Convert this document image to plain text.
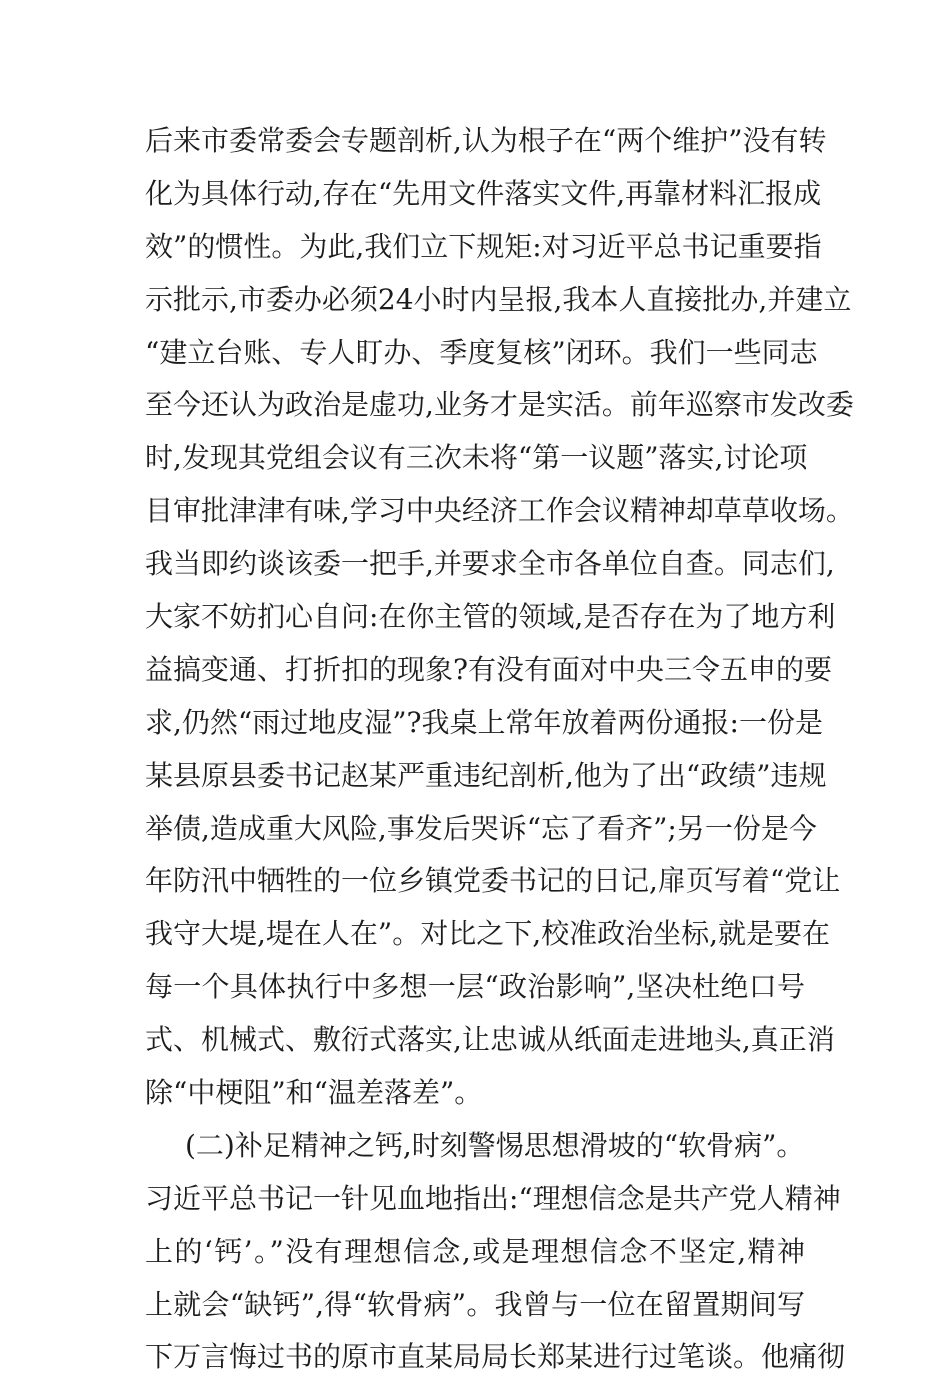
后来市委常委会专题剖析,认为根子在“两个维护”没有转
化为具体行动,存在“先用文件落实文件,再靠材料汇报成
效”的惯性。为此,我们立下规矩:对习近平总书记重要指
示批示,市委办必须24小时内呈报,我本人直接批办,并建立
“建立台账、专人盯办、季度复核”闭环。我们一些同志
至今还认为政治是虚功,业务才是实活。前年巡察市发改委
时,发现其党组会议有三次未将“第一议题”落实,讨论项
目审批津津有味,学习中央经济工作会议精神却草草收场。
我当即约谈该委一把手,并要求全市各单位自查。同志们,
大家不妨扪心自问:在你主管的领域,是否存在为了地方利
益搞变通、打折扣的现象?有没有面对中央三令五申的要
求,仍然“雨过地皮湿”?我桌上常年放着两份通报:一份是
某县原县委书记赵某严重违纪剖析,他为了出“政绩”违规
举债,造成重大风险,事发后哭诉“忘了看齐”;另一份是今
年防汛中牺牲的一位乡镇党委书记的日记,扉页写着“党让
我守大堤,堤在人在”。对比之下,校准政治坐标,就是要在
每一个具体执行中多想一层“政治影响”,坚决杜绝口号
式、机械式、敷衍式落实,让忠诚从纸面走进地头,真正消
除“中梗阻”和“温差落差”。
(二)补足精神之钙,时刻警惕思想滑坡的“软骨病”。
习近平总书记一针见血地指出:“理想信念是共产党人精神
上的‘钙’。”没有理想信念,或是理想信念不坚定,精神
上就会“缺钙”,得“软骨病”。我曾与一位在留置期间写
下万言悔过书的原市直某局局长郑某进行过笔谈。他痛彻
